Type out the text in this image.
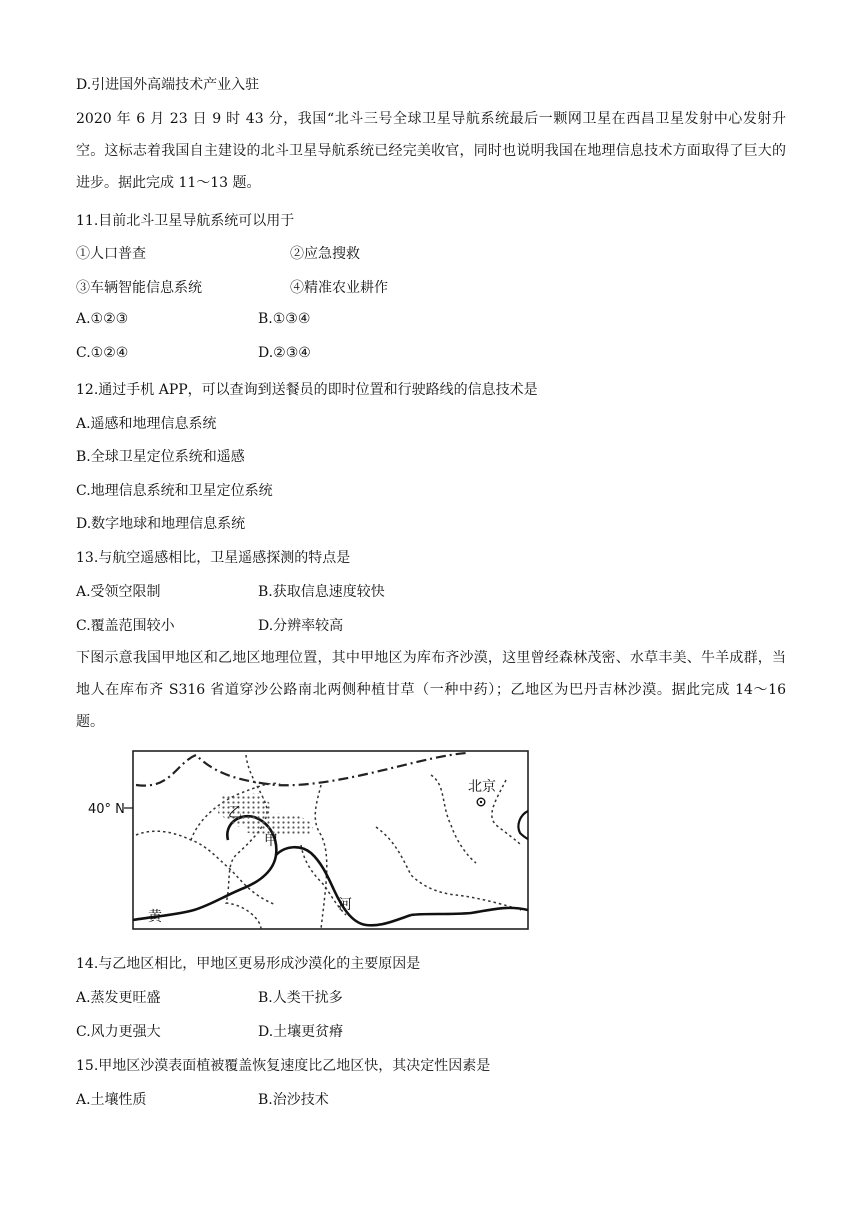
D.引进国外高端技术产业入驻
2020 年 6 月 23 日 9 时 43 分，我国“北斗三号全球卫星导航系统最后一颗网卫星在西昌卫星发射中心发射升空。这标志着我国自主建设的北斗卫星导航系统已经完美收官，同时也说明我国在地理信息技术方面取得了巨大的进步。据此完成 11～13 题。
11.目前北斗卫星导航系统可以用于
①人口普查	②应急搜救
③车辆智能信息系统	④精准农业耕作
A.①②③	B.①③④
C.①②④	D.②③④
12.通过手机 APP，可以查询到送餐员的即时位置和行驶路线的信息技术是
A.遥感和地理信息系统
B.全球卫星定位系统和遥感
C.地理信息系统和卫星定位系统
D.数字地球和地理信息系统
13.与航空遥感相比，卫星遥感探测的特点是
A.受领空限制	B.获取信息速度较快
C.覆盖范围较小	D.分辨率较高
下图示意我国甲地区和乙地区地理位置，其中甲地区为库布齐沙漠，这里曾经森林茂密、水草丰美、牛羊成群，当地人在库布齐 S316 省道穿沙公路南北两侧种植甘草（一种中药）；乙地区为巴丹吉林沙漠。据此完成 14～16 题。
40° N
北京
乙
甲
黄
河
14.与乙地区相比，甲地区更易形成沙漠化的主要原因是
A.蒸发更旺盛	B.人类干扰多
C.风力更强大	D.土壤更贫瘠
15.甲地区沙漠表面植被覆盖恢复速度比乙地区快，其决定性因素是
A.土壤性质	B.治沙技术
